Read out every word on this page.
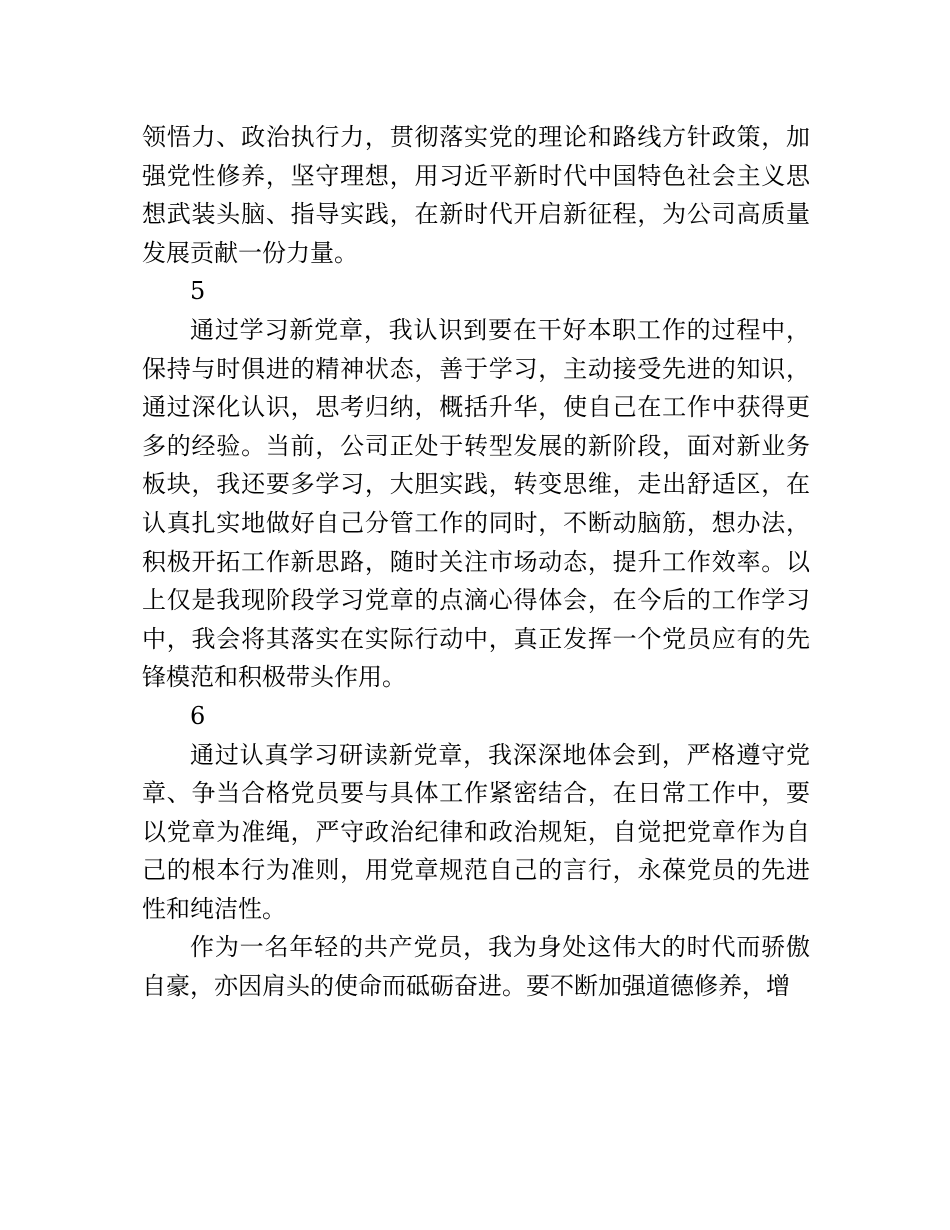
领悟力、政治执行力，贯彻落实党的理论和路线方针政策，加强党性修养，坚守理想，用习近平新时代中国特色社会主义思想武装头脑、指导实践，在新时代开启新征程，为公司高质量发展贡献一份力量。

5

通过学习新党章，我认识到要在干好本职工作的过程中，保持与时俱进的精神状态，善于学习，主动接受先进的知识，通过深化认识，思考归纳，概括升华，使自己在工作中获得更多的经验。当前，公司正处于转型发展的新阶段，面对新业务板块，我还要多学习，大胆实践，转变思维，走出舒适区，在认真扎实地做好自己分管工作的同时，不断动脑筋，想办法，积极开拓工作新思路，随时关注市场动态，提升工作效率。以上仅是我现阶段学习党章的点滴心得体会，在今后的工作学习中，我会将其落实在实际行动中，真正发挥一个党员应有的先锋模范和积极带头作用。

6

通过认真学习研读新党章，我深深地体会到，严格遵守党章、争当合格党员要与具体工作紧密结合，在日常工作中，要以党章为准绳，严守政治纪律和政治规矩，自觉把党章作为自己的根本行为准则，用党章规范自己的言行，永葆党员的先进性和纯洁性。

作为一名年轻的共产党员，我为身处这伟大的时代而骄傲自豪，亦因肩头的使命而砥砺奋进。要不断加强道德修养，增
